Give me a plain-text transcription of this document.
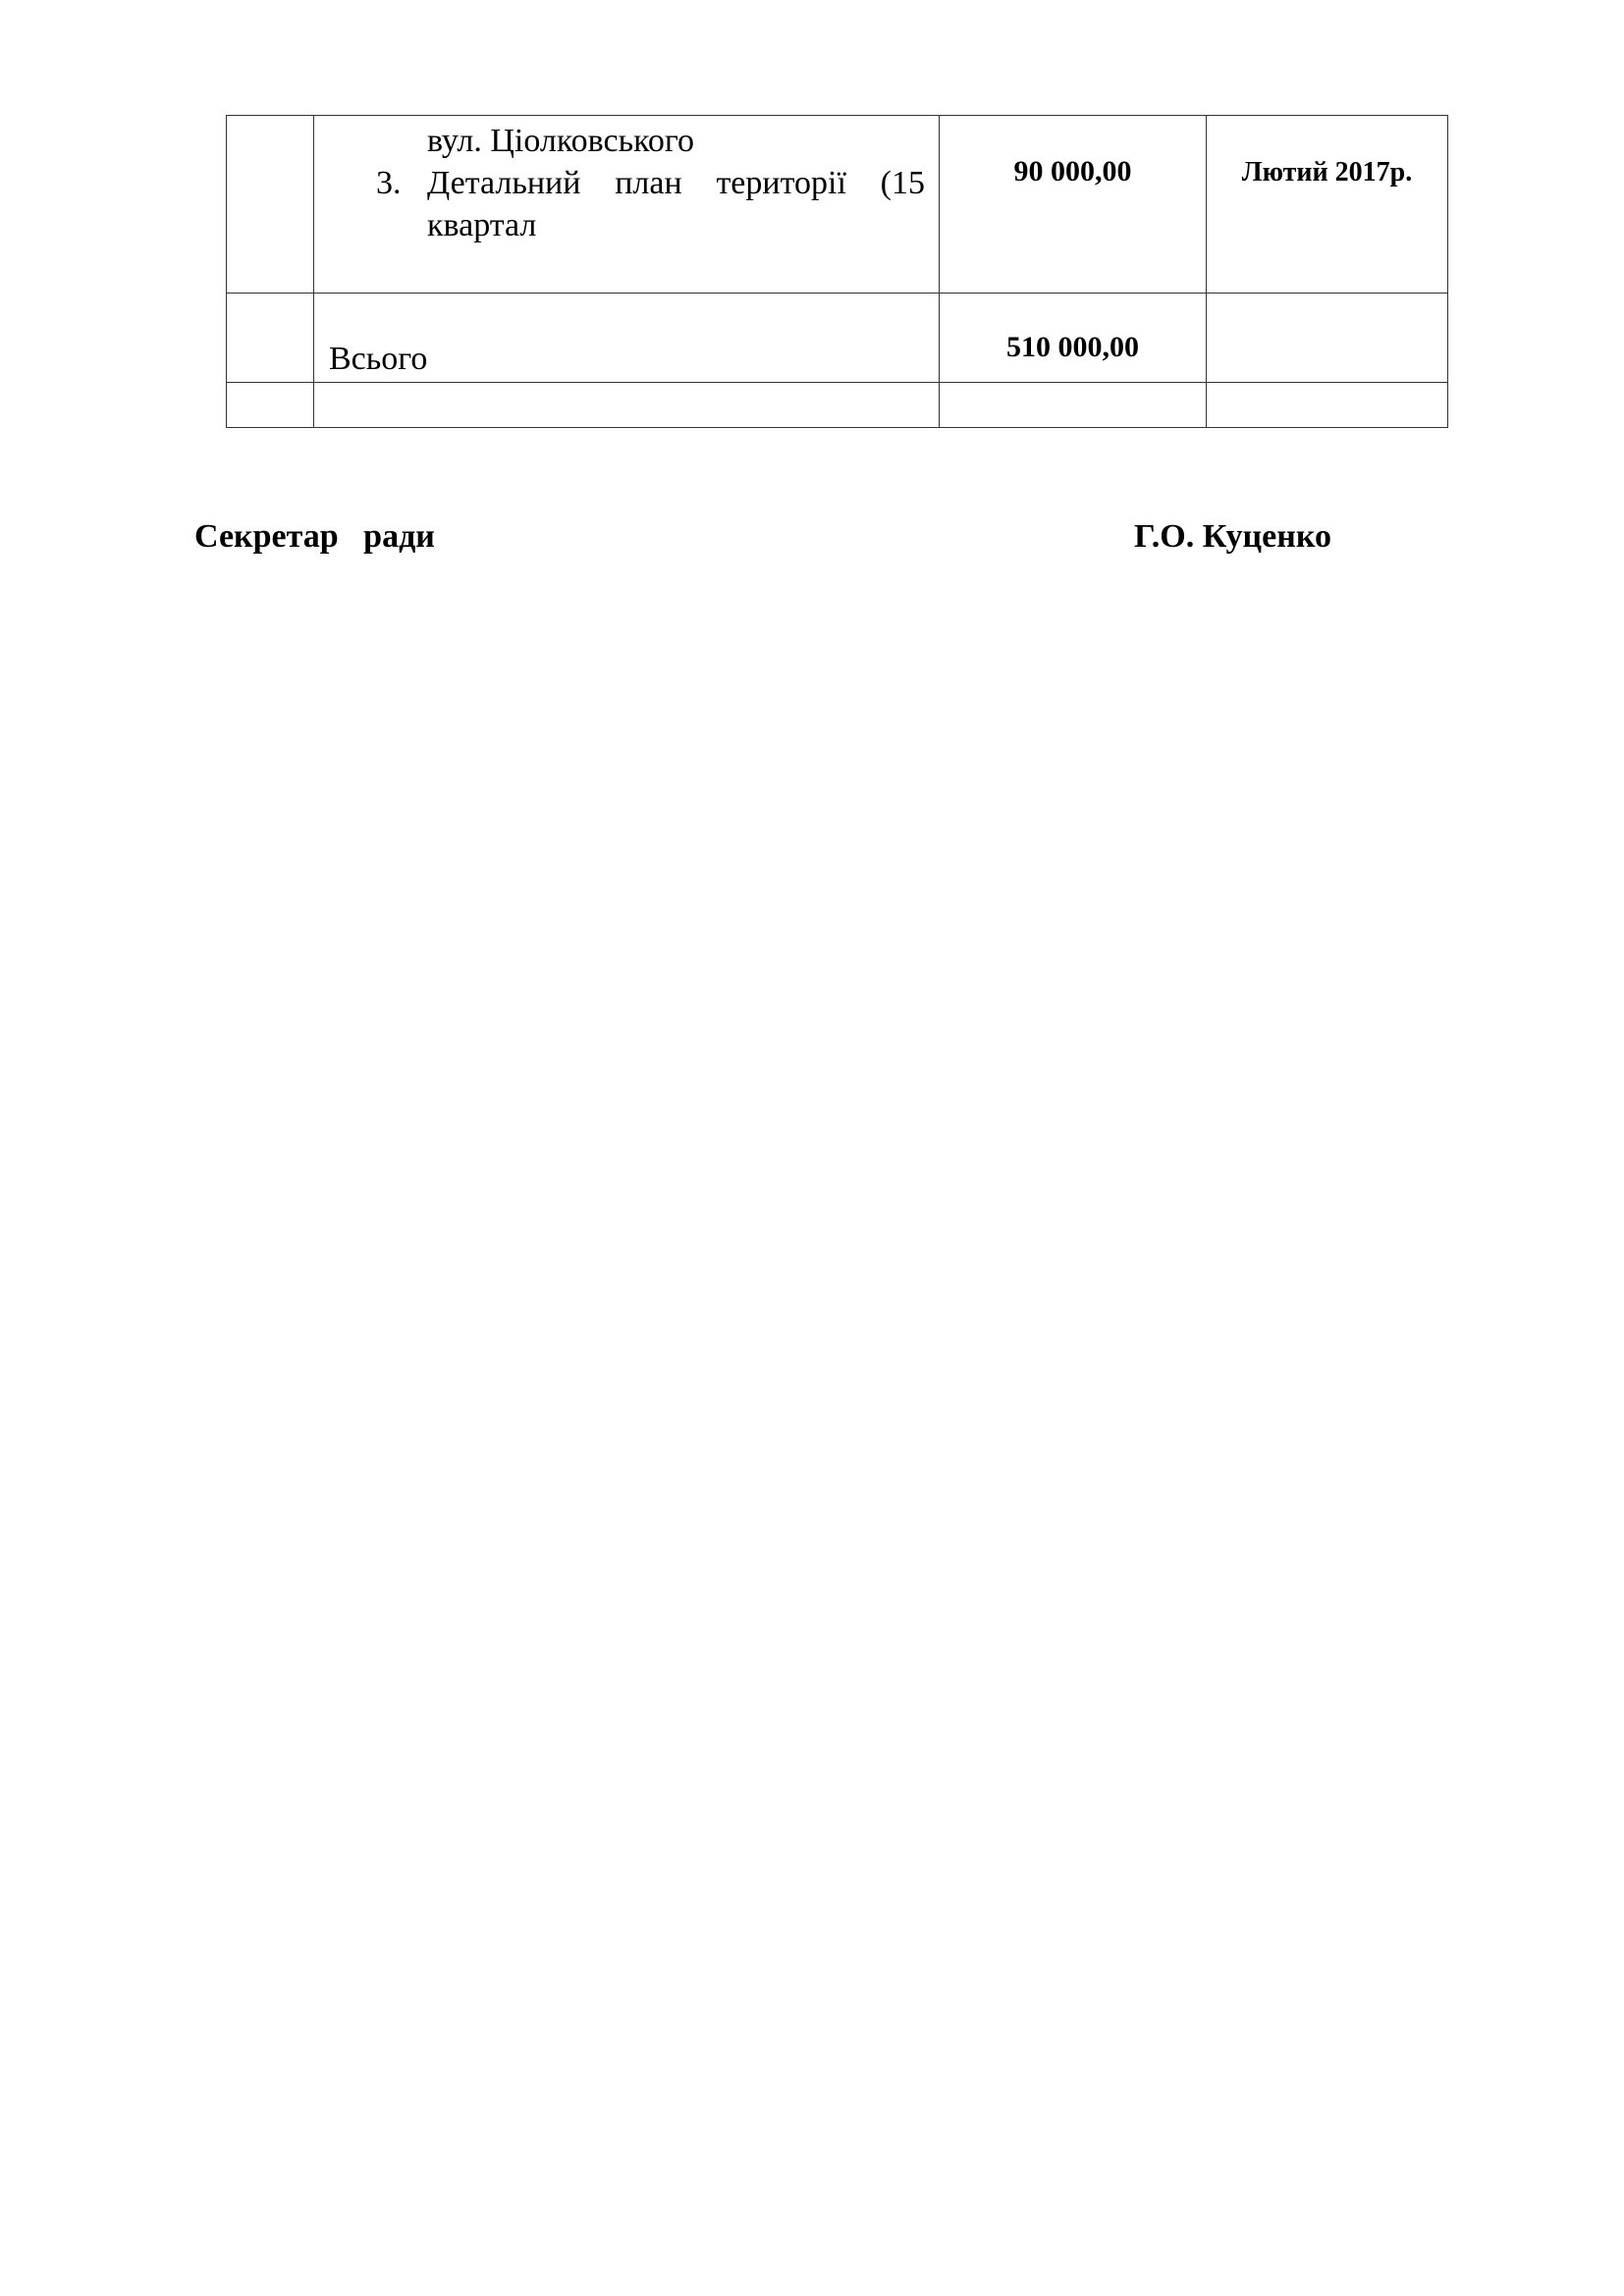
	вул. Ціолковського
3. Детальний план території (15
квартал	90 000,00	Лютий 2017р.

	Всього	510 000,00	

Секретар   ради	Г.О. Куценко
